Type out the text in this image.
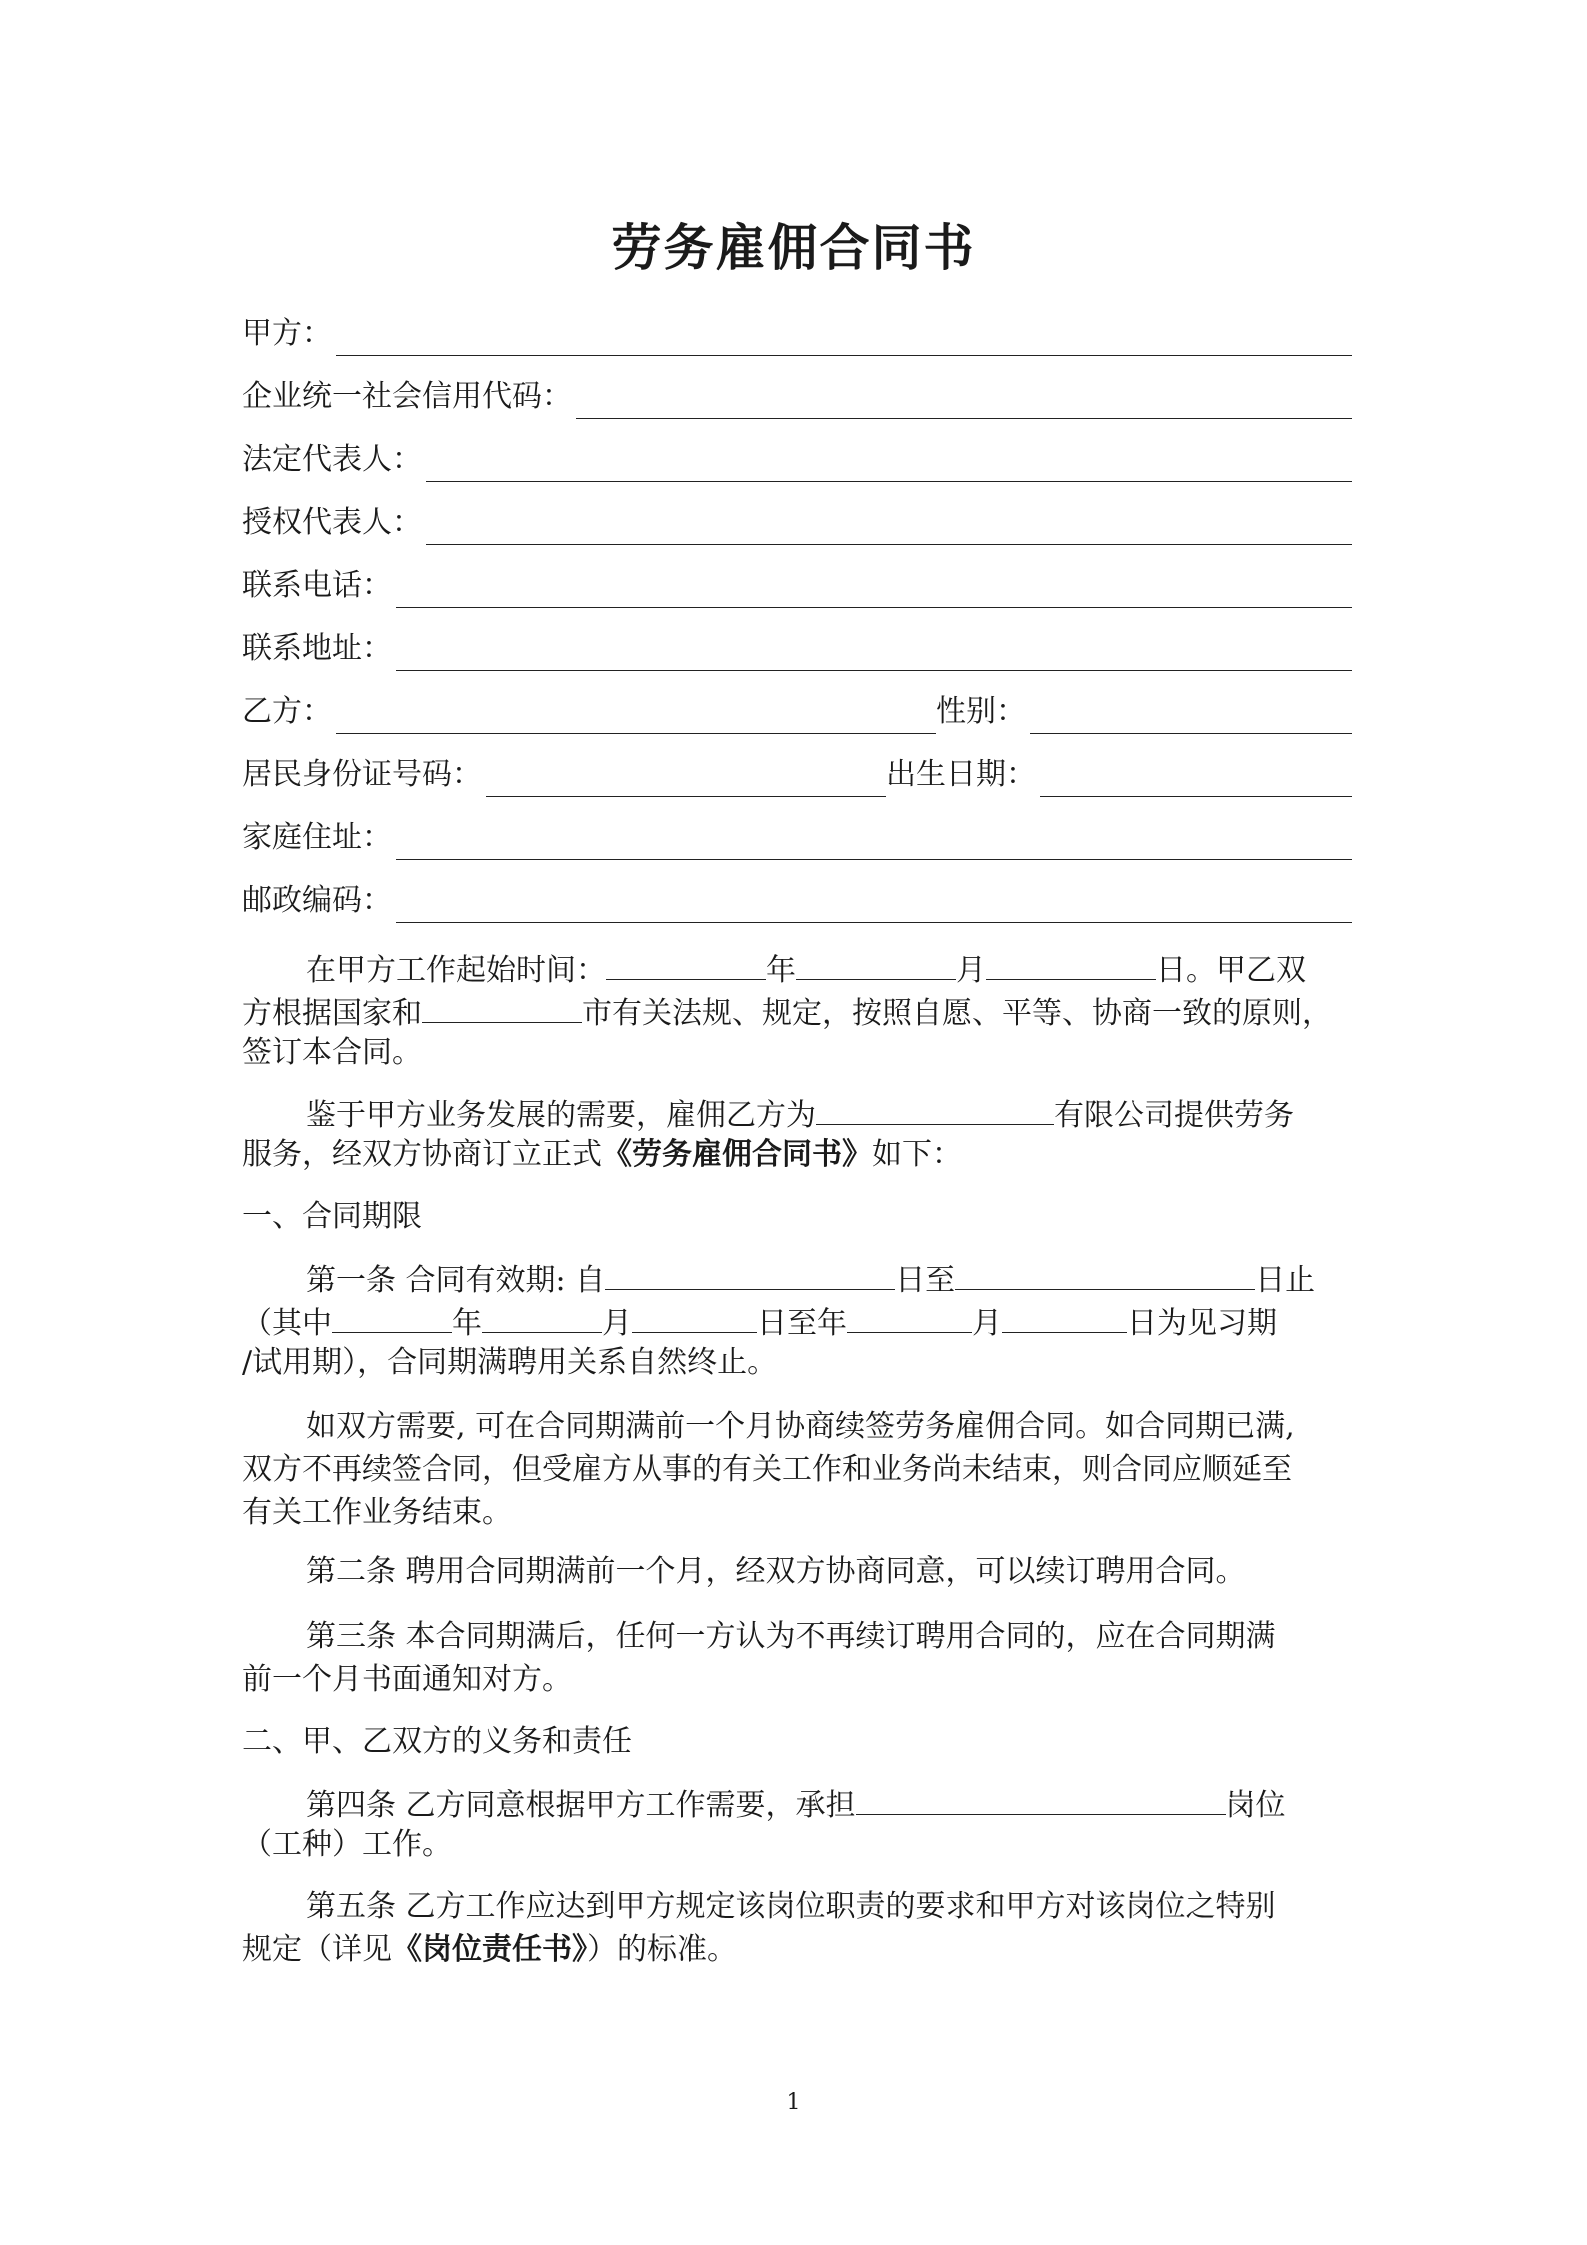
劳务雇佣合同书
甲方：
企业统一社会信用代码：
法定代表人：
授权代表人：
联系电话：
联系地址：
乙方：	性别：
居民身份证号码：	出生日期：
家庭住址：
邮政编码：
在甲方工作起始时间：	年	月	日。甲乙双
方根据国家和	市有关法规、规定，按照自愿、平等、协商一致的原则，
签订本合同。
鉴于甲方业务发展的需要，雇佣乙方为	有限公司提供劳务
服务，经双方协商订立正式《劳务雇佣合同书》如下：
一、合同期限
第一条 合同有效期: 自	日至	日止
（其中	年	月	日至年	月	日为见习期
/试用期），合同期满聘用关系自然终止。
如双方需要, 可在合同期满前一个月协商续签劳务雇佣合同。如合同期已满,
双方不再续签合同，但受雇方从事的有关工作和业务尚未结束，则合同应顺延至
有关工作业务结束。
第二条 聘用合同期满前一个月，经双方协商同意，可以续订聘用合同。
第三条 本合同期满后，任何一方认为不再续订聘用合同的，应在合同期满
前一个月书面通知对方。
二、甲、乙双方的义务和责任
第四条 乙方同意根据甲方工作需要，承担	岗位
（工种）工作。
第五条 乙方工作应达到甲方规定该岗位职责的要求和甲方对该岗位之特别
规定（详见《岗位责任书》）的标准。
1
